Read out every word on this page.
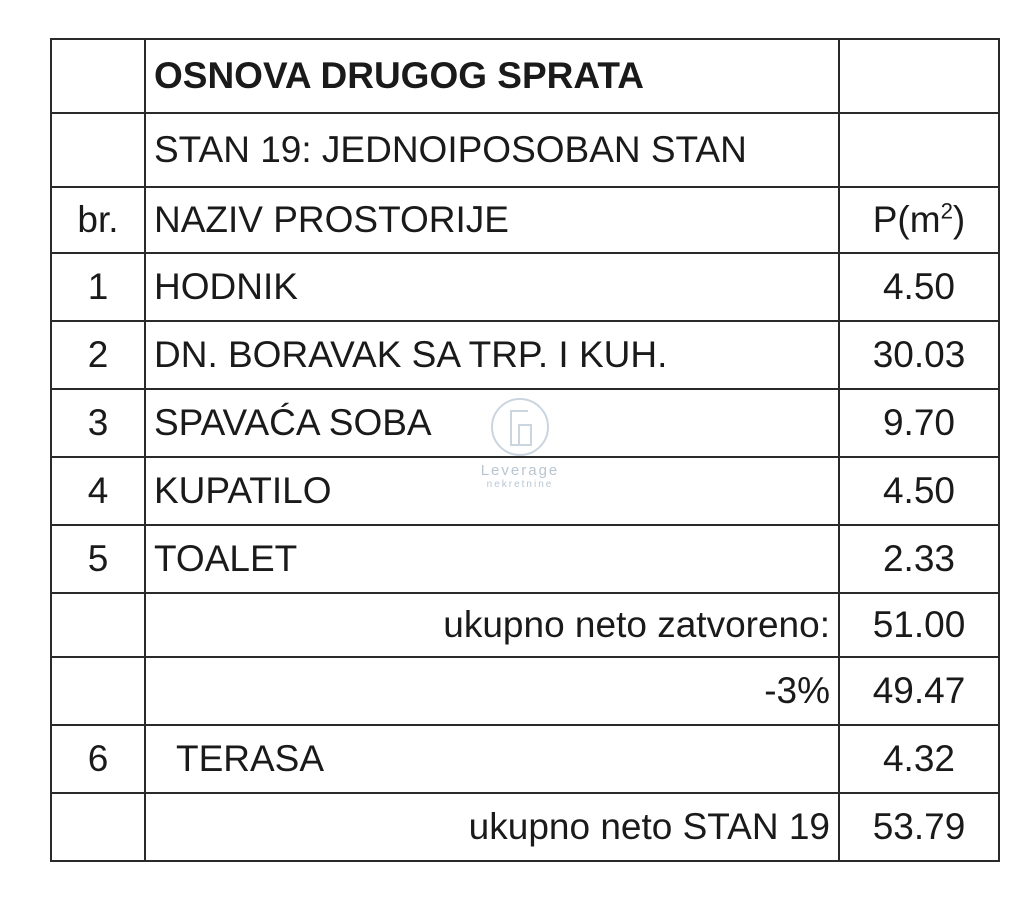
	OSNOVA DRUGOG SPRATA	
	STAN 19: JEDNOIPOSOBAN STAN	
br.	NAZIV PROSTORIJE	$P(m^2)$
1	HODNIK	4.50
2	DN. BORAVAK SA TRP. I KUH.	30.03
3	SPAVAĆA SOBA	9.70
4	KUPATILO	4.50
5	TOALET	2.33
	ukupno neto zatvoreno:	51.00
	-3%	49.47
6	TERASA	4.32
	ukupno neto STAN 19	53.79
Leverage
nekretnine
